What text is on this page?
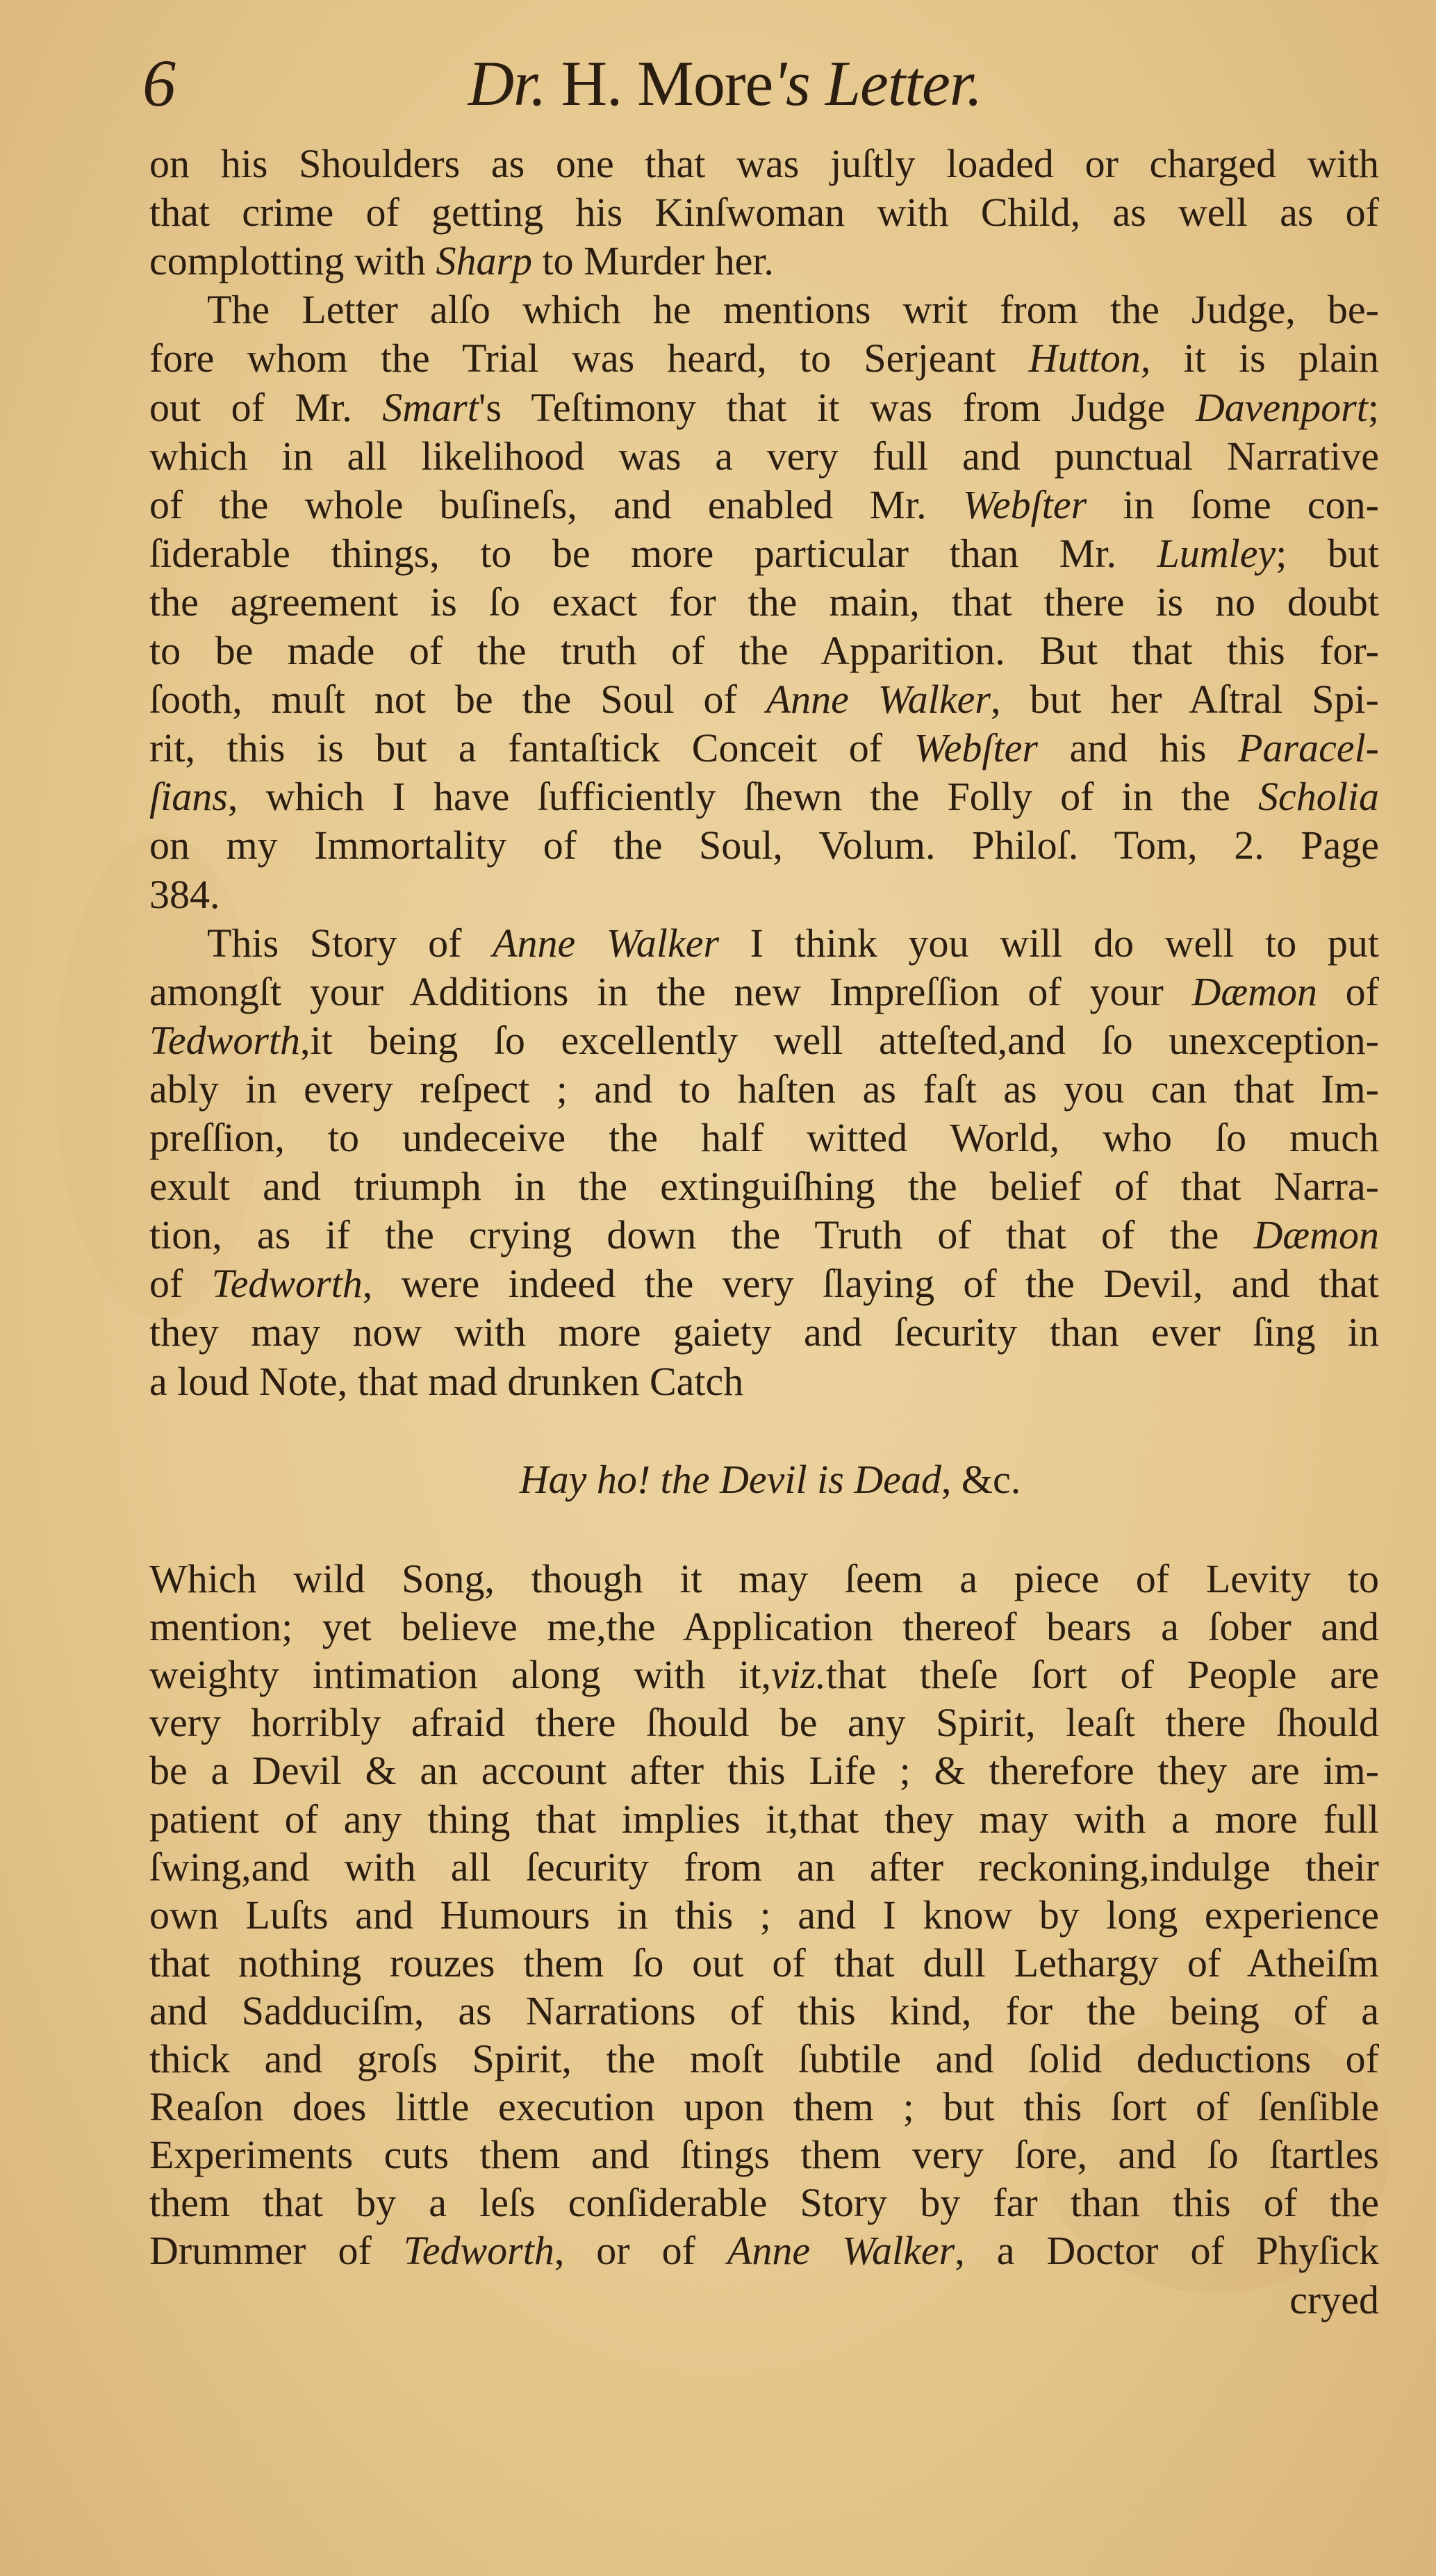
6	Dr. H. More's Letter.
on his Shoulders as one that was juſtly loaded or charged with
that crime of getting his Kinſwoman with Child, as well as of
complotting with Sharp to Murder her.
The Letter alſo which he mentions writ from the Judge, be-
fore whom the Trial was heard, to Serjeant Hutton, it is plain
out of Mr. Smart's Teſtimony that it was from Judge Davenport;
which in all likelihood was a very full and punctual Narrative
of the whole buſineſs, and enabled Mr. Webſter in ſome con-
ſiderable things, to be more particular than Mr. Lumley; but
the agreement is ſo exact for the main, that there is no doubt
to be made of the truth of the Apparition. But that this for-
ſooth, muſt not be the Soul of Anne Walker, but her Aſtral Spi-
rit, this is but a fantaſtick Conceit of Webſter and his Paracel-
ſians, which I have ſufficiently ſhewn the Folly of in the Scholia
on my Immortality of the Soul, Volum. Philoſ. Tom, 2. Page
384.
This Story of Anne Walker I think you will do well to put
amongſt your Additions in the new Impreſſion of your Dæmon of
Tedworth,it being ſo excellently well atteſted,and ſo unexception-
ably in every reſpect ; and to haſten as faſt as you can that Im-
preſſion, to undeceive the half witted World, who ſo much
exult and triumph in the extinguiſhing the belief of that Narra-
tion, as if the crying down the Truth of that of the Dæmon
of Tedworth, were indeed the very ſlaying of the Devil, and that
they may now with more gaiety and ſecurity than ever ſing in
a loud Note, that mad drunken Catch
Which wild Song, though it may ſeem a piece of Levity to
mention; yet believe me,the Application thereof bears a ſober and
weighty intimation along with it,viz.that theſe ſort of People are
very horribly afraid there ſhould be any Spirit, leaſt there ſhould
be a Devil & an account after this Life ; & therefore they are im-
patient of any thing that implies it,that they may with a more full
ſwing,and with all ſecurity from an after reckoning,indulge their
own Luſts and Humours in this ; and I know by long experience
that nothing rouzes them ſo out of that dull Lethargy of Atheiſm
and Sadduciſm, as Narrations of this kind, for the being of a
thick and groſs Spirit, the moſt ſubtile and ſolid deductions of
Reaſon does little execution upon them ; but this ſort of ſenſible
Experiments cuts them and ſtings them very ſore, and ſo ſtartles
them that by a leſs conſiderable Story by far than this of the
Drummer of Tedworth, or of Anne Walker, a Doctor of Phyſick
Hay ho! the Devil is Dead, &c.
cryed
